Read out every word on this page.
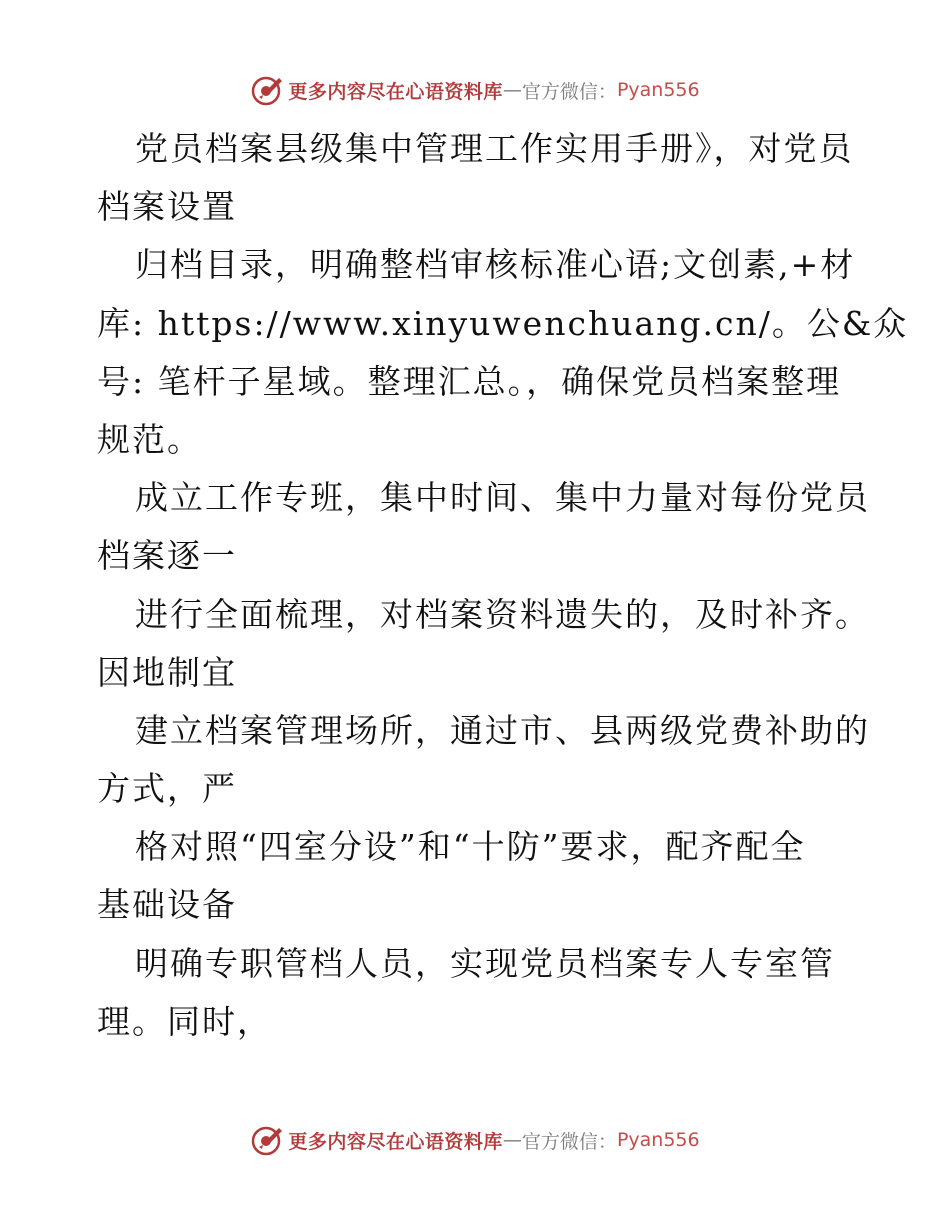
更多内容尽在心语资料库 — 官方微信： Pyan556
党员档案县级集中管理工作实用手册》，对党员
档案设置
归档目录，明确整档审核标准心语;文创素,+材
库: https://www.xinyuwenchuang.cn/。公&众
号: 笔杆子星域。整理汇总。，确保党员档案整理
规范。
成立工作专班，集中时间、集中力量对每份党员
档案逐一
进行全面梳理，对档案资料遗失的，及时补齐。
因地制宜
建立档案管理场所，通过市、县两级党费补助的
方式，严
格对照“四室分设”和“十防”要求，配齐配全
基础设备
明确专职管档人员，实现党员档案专人专室管
理。同时，
更多内容尽在心语资料库 — 官方微信： Pyan556
